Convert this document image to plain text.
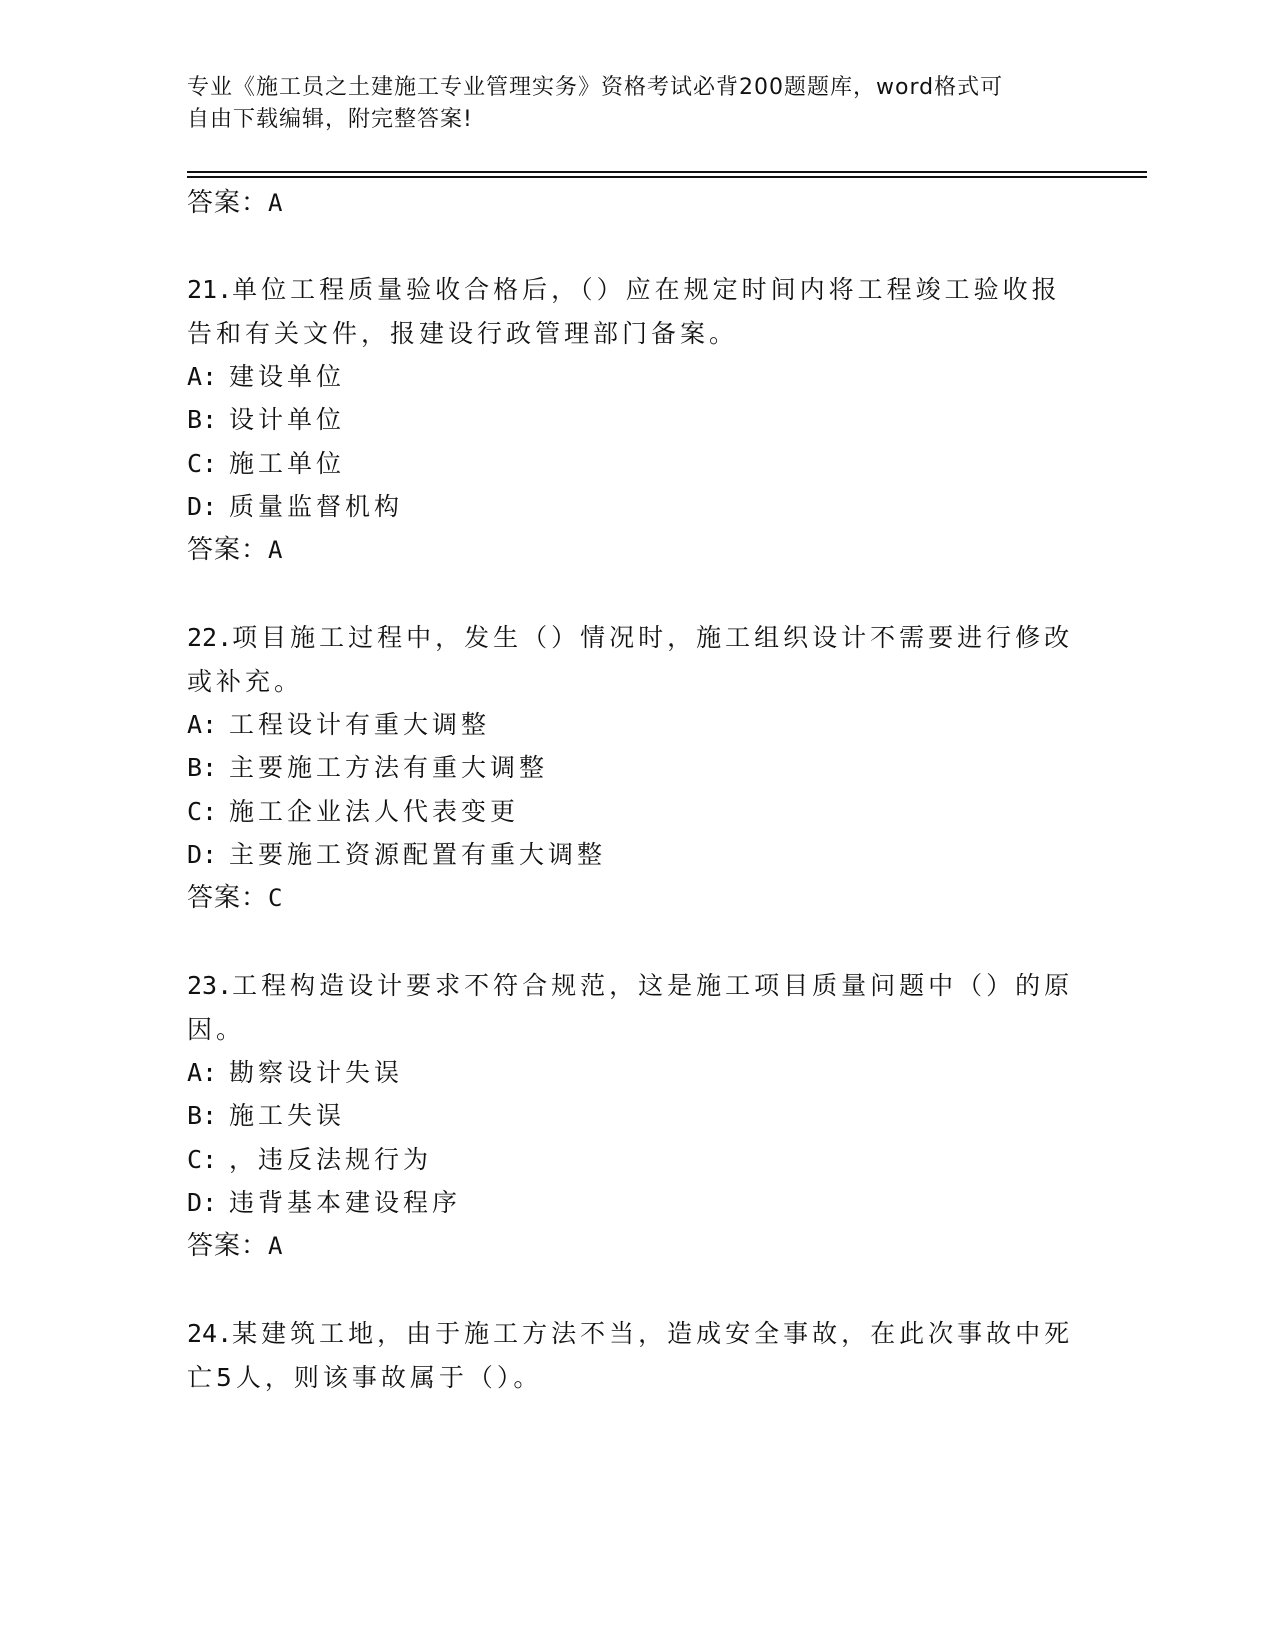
专业《施工员之土建施工专业管理实务》资格考试必背200题题库，word格式可
自由下载编辑，附完整答案!
答案：A
21.单位工程质量验收合格后，（）应在规定时间内将工程竣工验收报
告和有关文件，报建设行政管理部门备案。
A: 建设单位
B: 设计单位
C: 施工单位
D: 质量监督机构
答案：A
22.项目施工过程中，发生（）情况时，施工组织设计不需要进行修改
或补充。
A: 工程设计有重大调整
B: 主要施工方法有重大调整
C: 施工企业法人代表变更
D: 主要施工资源配置有重大调整
答案：C
23.工程构造设计要求不符合规范，这是施工项目质量问题中（）的原
因。
A: 勘察设计失误
B: 施工失误
C: ，违反法规行为
D: 违背基本建设程序
答案：A
24.某建筑工地，由于施工方法不当，造成安全事故，在此次事故中死
亡5人，则该事故属于（）。
